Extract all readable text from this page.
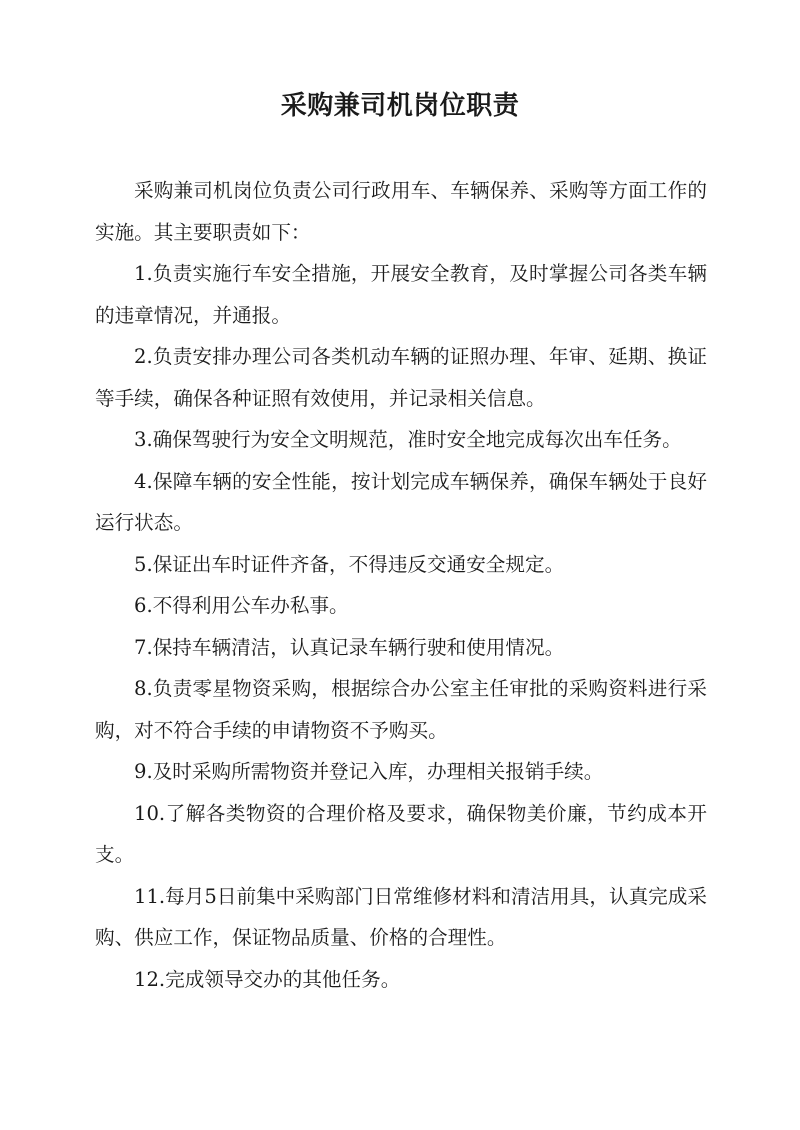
采购兼司机岗位职责

采购兼司机岗位负责公司行政用车、车辆保养、采购等方面工作的实施。其主要职责如下：

1.负责实施行车安全措施，开展安全教育，及时掌握公司各类车辆的违章情况，并通报。

2.负责安排办理公司各类机动车辆的证照办理、年审、延期、换证等手续，确保各种证照有效使用，并记录相关信息。

3.确保驾驶行为安全文明规范，准时安全地完成每次出车任务。

4.保障车辆的安全性能，按计划完成车辆保养，确保车辆处于良好运行状态。

5.保证出车时证件齐备，不得违反交通安全规定。

6.不得利用公车办私事。

7.保持车辆清洁，认真记录车辆行驶和使用情况。

8.负责零星物资采购，根据综合办公室主任审批的采购资料进行采购，对不符合手续的申请物资不予购买。

9.及时采购所需物资并登记入库，办理相关报销手续。

10.了解各类物资的合理价格及要求，确保物美价廉，节约成本开支。

11.每月5日前集中采购部门日常维修材料和清洁用具，认真完成采购、供应工作，保证物品质量、价格的合理性。

12.完成领导交办的其他任务。
